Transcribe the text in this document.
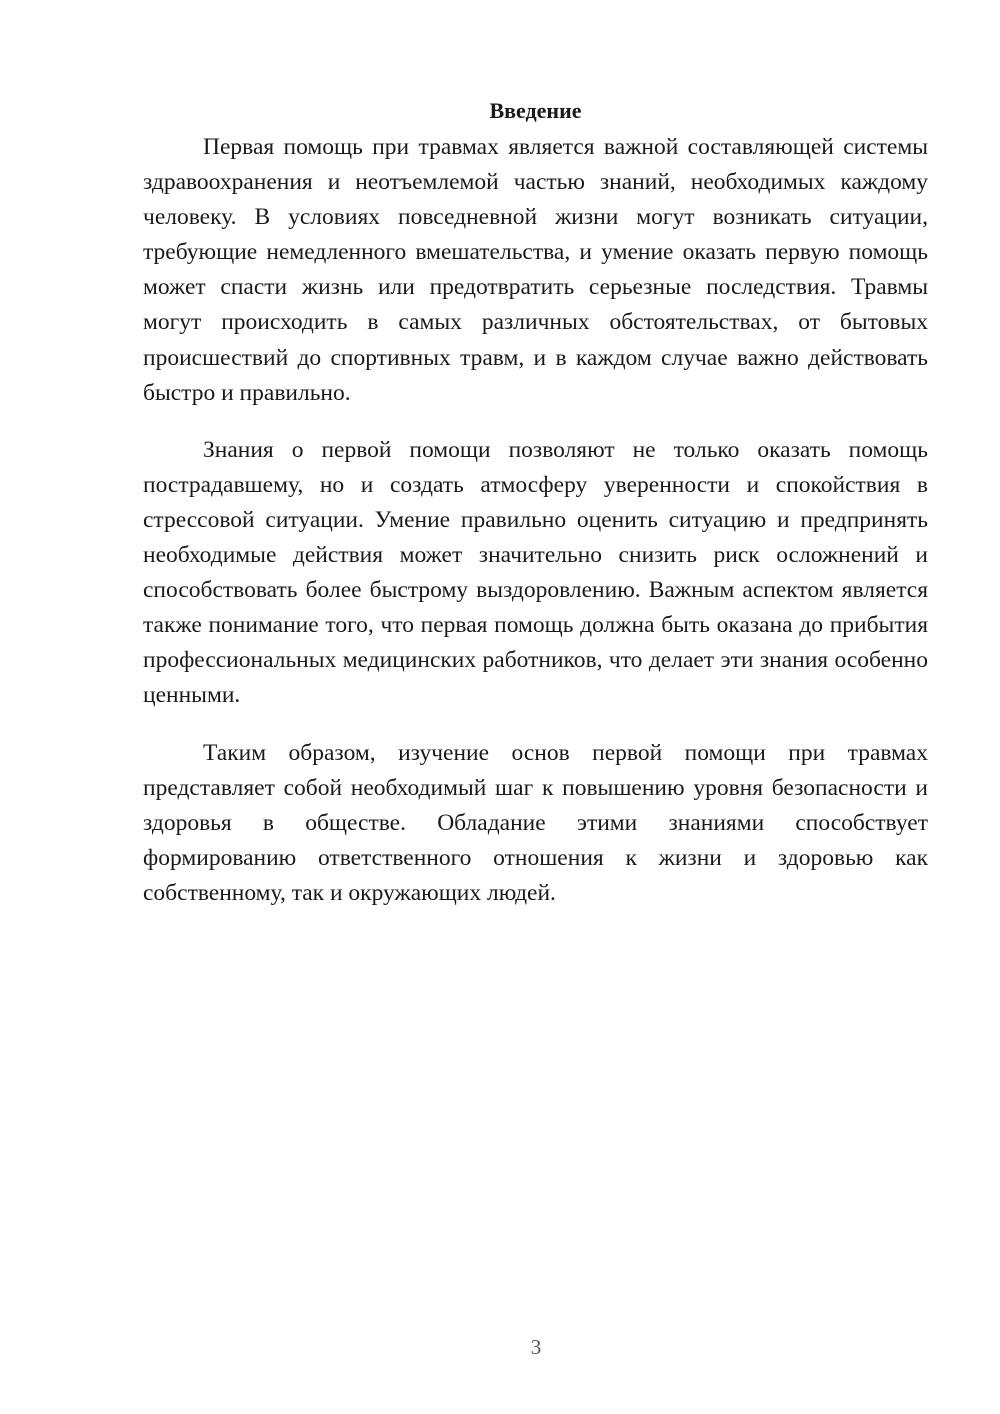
Введение

Первая помощь при травмах является важной составляющей системы здравоохранения и неотъемлемой частью знаний, необходимых каждому человеку. В условиях повседневной жизни могут возникать ситуации, требующие немедленного вмешательства, и умение оказать первую помощь может спасти жизнь или предотвратить серьезные последствия. Травмы могут происходить в самых различных обстоятельствах, от бытовых происшествий до спортивных травм, и в каждом случае важно действовать быстро и правильно.

Знания о первой помощи позволяют не только оказать помощь пострадавшему, но и создать атмосферу уверенности и спокойствия в стрессовой ситуации. Умение правильно оценить ситуацию и предпринять необходимые действия может значительно снизить риск осложнений и способствовать более быстрому выздоровлению. Важным аспектом является также понимание того, что первая помощь должна быть оказана до прибытия профессиональных медицинских работников, что делает эти знания особенно ценными.

Таким образом, изучение основ первой помощи при травмах представляет собой необходимый шаг к повышению уровня безопасности и здоровья в обществе. Обладание этими знаниями способствует формированию ответственного отношения к жизни и здоровью как собственному, так и окружающих людей.

3
